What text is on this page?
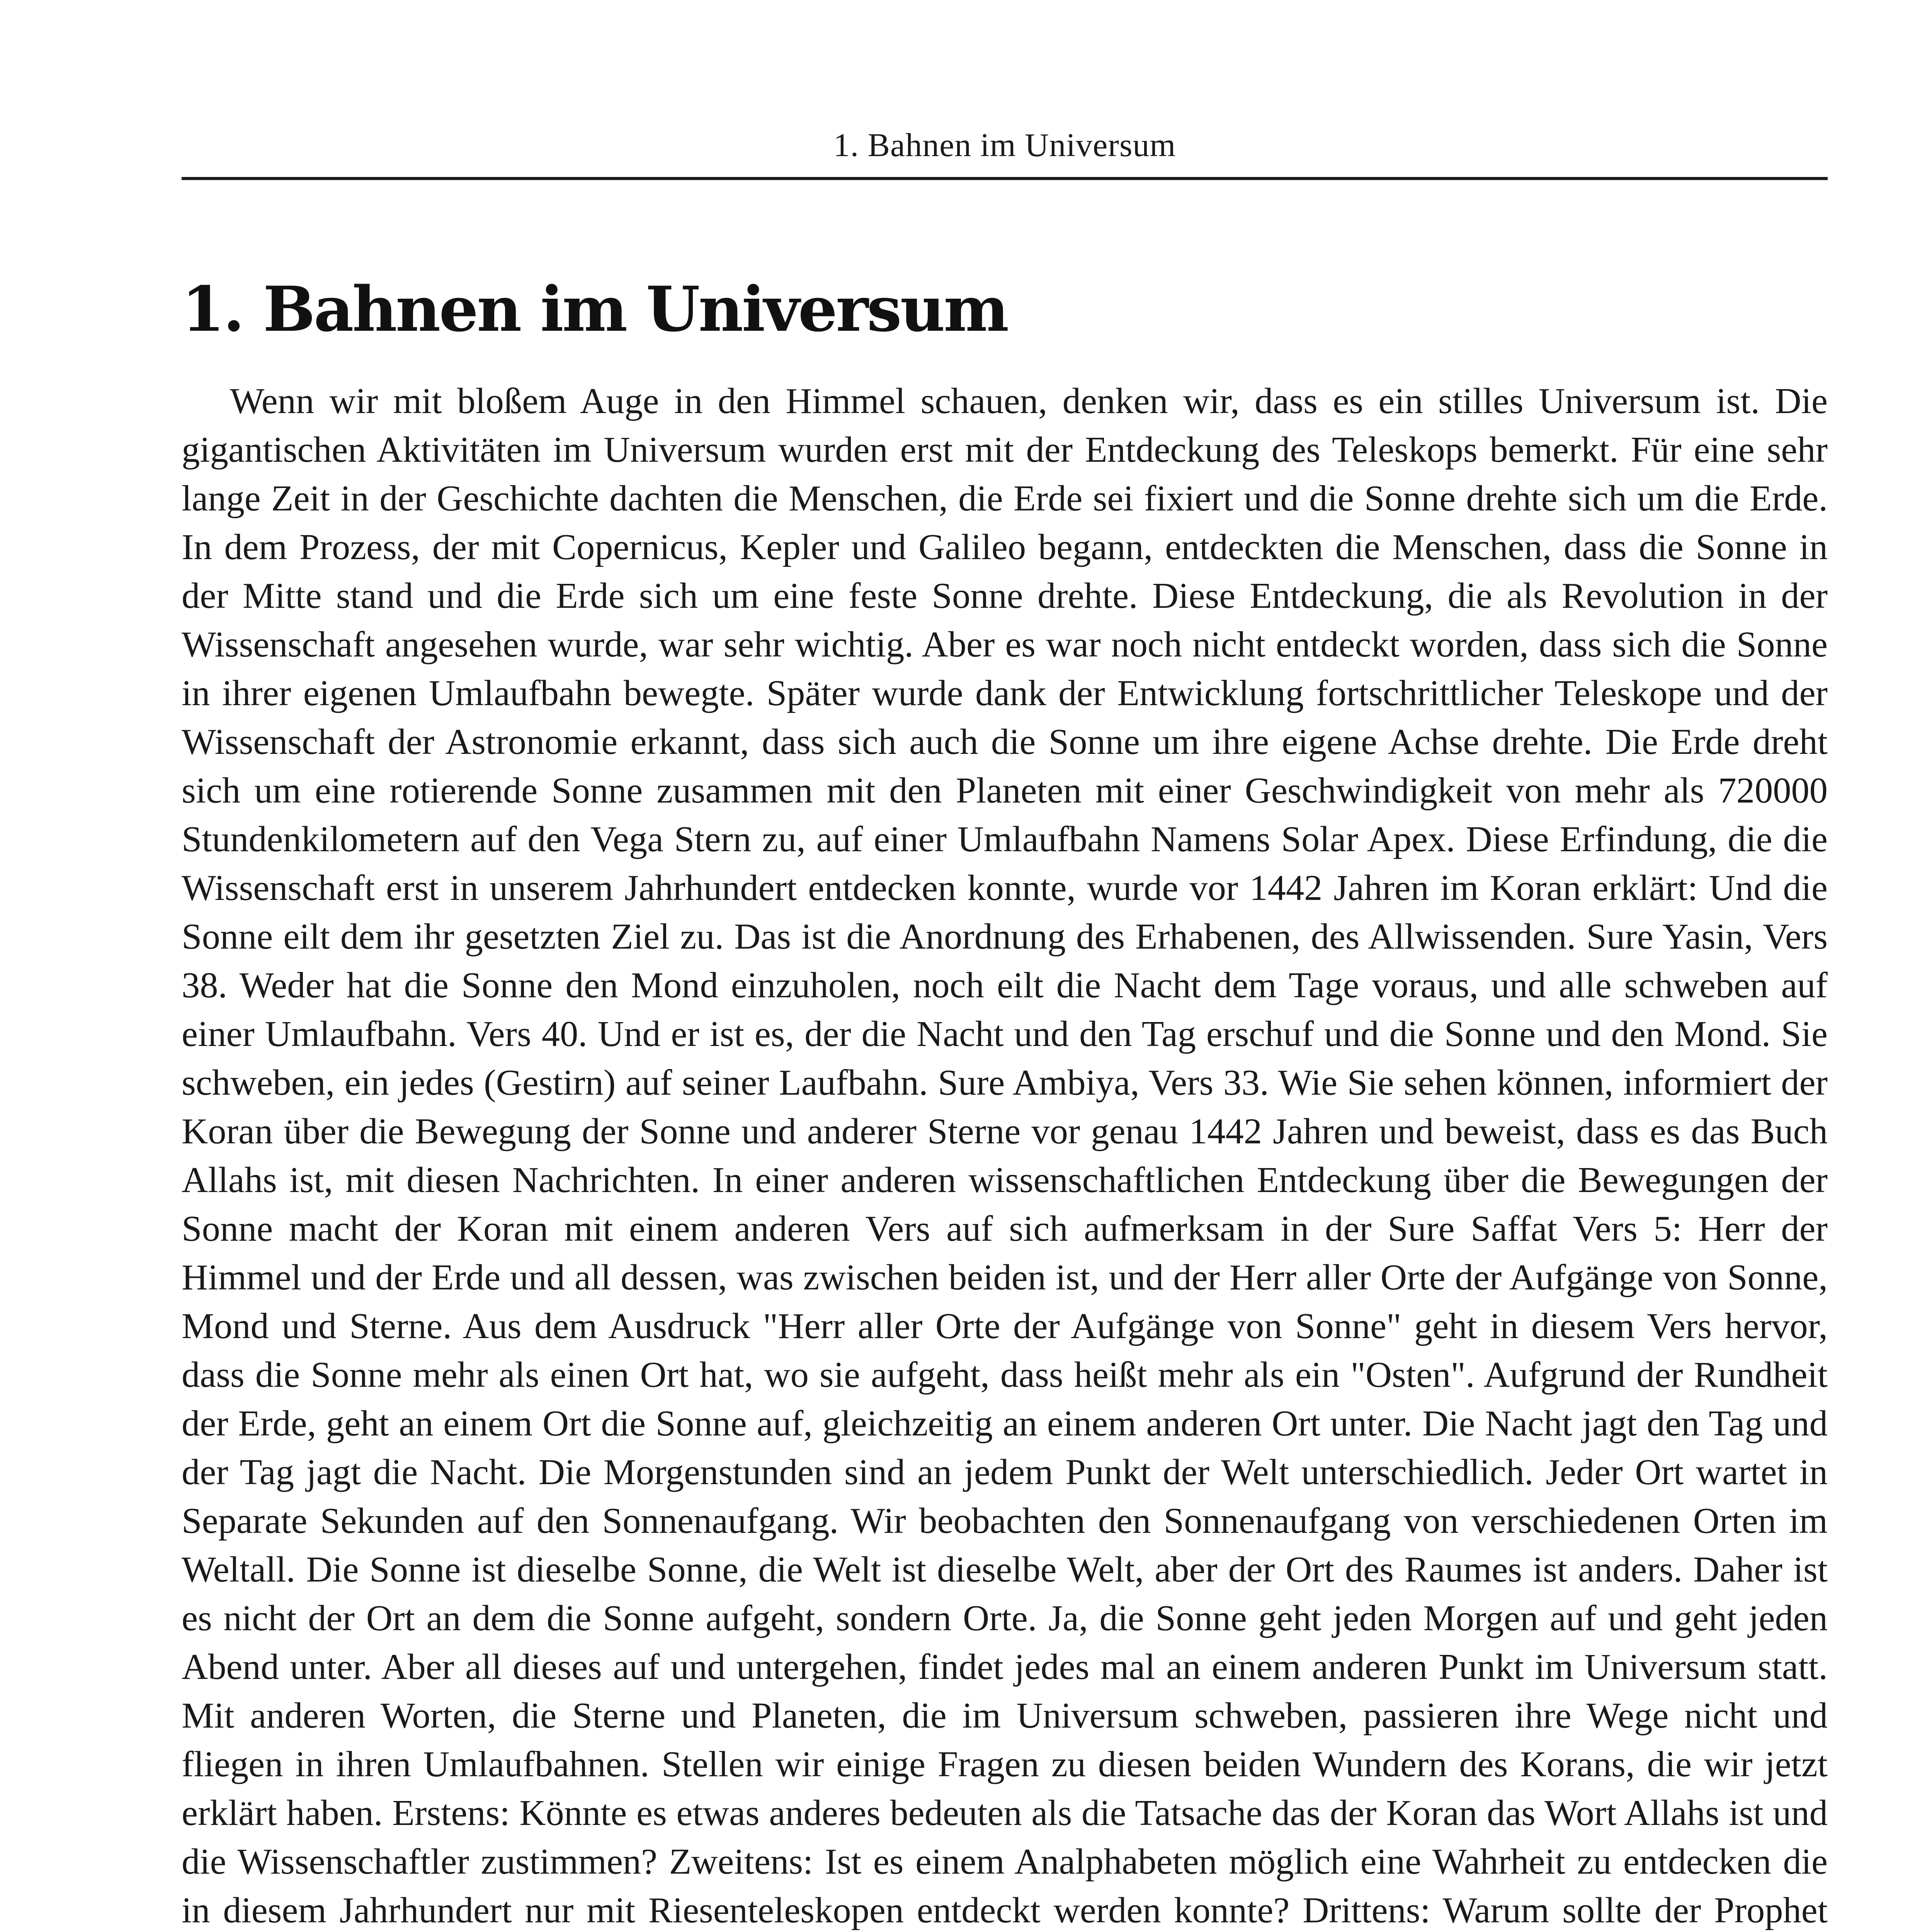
1. Bahnen im Universum
1. Bahnen im Universum

Wenn wir mit bloßem Auge in den Himmel schauen, denken wir, dass es ein stilles Universum ist. Die gigantischen Aktivitäten im Universum wurden erst mit der Entdeckung des Teleskops bemerkt. Für eine sehr lange Zeit in der Geschichte dachten die Menschen, die Erde sei fixiert und die Sonne drehte sich um die Erde. In dem Prozess, der mit Copernicus, Kepler und Galileo begann, entdeckten die Menschen, dass die Sonne in der Mitte stand und die Erde sich um eine feste Sonne drehte. Diese Entdeckung, die als Revolution in der Wissenschaft angesehen wurde, war sehr wichtig. Aber es war noch nicht entdeckt worden, dass sich die Sonne in ihrer eigenen Umlaufbahn bewegte. Später wurde dank der Entwicklung fortschrittlicher Teleskope und der Wissenschaft der Astronomie erkannt, dass sich auch die Sonne um ihre eigene Achse drehte. Die Erde dreht sich um eine rotierende Sonne zusammen mit den Planeten mit einer Geschwindigkeit von mehr als 720000 Stundenkilometern auf den Vega Stern zu, auf einer Umlaufbahn Namens Solar Apex. Diese Erfindung, die die Wissenschaft erst in unserem Jahrhundert entdecken konnte, wurde vor 1442 Jahren im Koran erklärt: Und die Sonne eilt dem ihr gesetzten Ziel zu. Das ist die Anordnung des Erhabenen, des Allwissenden. Sure Yasin, Vers 38. Weder hat die Sonne den Mond einzuholen, noch eilt die Nacht dem Tage voraus, und alle schweben auf einer Umlaufbahn. Vers 40. Und er ist es, der die Nacht und den Tag erschuf und die Sonne und den Mond. Sie schweben, ein jedes (Gestirn) auf seiner Laufbahn. Sure Ambiya, Vers 33. Wie Sie sehen können, informiert der Koran über die Bewegung der Sonne und anderer Sterne vor genau 1442 Jahren und beweist, dass es das Buch Allahs ist, mit diesen Nachrichten. In einer anderen wissenschaftlichen Entdeckung über die Bewegungen der Sonne macht der Koran mit einem anderen Vers auf sich aufmerksam in der Sure Saffat Vers 5: Herr der Himmel und der Erde und all dessen, was zwischen beiden ist, und der Herr aller Orte der Aufgänge von Sonne, Mond und Sterne. Aus dem Ausdruck "Herr aller Orte der Aufgänge von Sonne" geht in diesem Vers hervor, dass die Sonne mehr als einen Ort hat, wo sie aufgeht, dass heißt mehr als ein "Osten". Aufgrund der Rundheit der Erde, geht an einem Ort die Sonne auf, gleichzeitig an einem anderen Ort unter. Die Nacht jagt den Tag und der Tag jagt die Nacht. Die Morgenstunden sind an jedem Punkt der Welt unterschiedlich. Jeder Ort wartet in Separate Sekunden auf den Sonnenaufgang. Wir beobachten den Sonnenaufgang von verschiedenen Orten im Weltall. Die Sonne ist dieselbe Sonne, die Welt ist dieselbe Welt, aber der Ort des Raumes ist anders. Daher ist es nicht der Ort an dem die Sonne aufgeht, sondern Orte. Ja, die Sonne geht jeden Morgen auf und geht jeden Abend unter. Aber all dieses auf und untergehen, findet jedes mal an einem anderen Punkt im Universum statt. Mit anderen Worten, die Sterne und Planeten, die im Universum schweben, passieren ihre Wege nicht und fliegen in ihren Umlaufbahnen. Stellen wir einige Fragen zu diesen beiden Wundern des Korans, die wir jetzt erklärt haben. Erstens: Könnte es etwas anderes bedeuten als die Tatsache das der Koran das Wort Allahs ist und die Wissenschaftler zustimmen? Zweitens: Ist es einem Analphabeten möglich eine Wahrheit zu entdecken die in diesem Jahrhundert nur mit Riesenteleskopen entdeckt werden konnte? Drittens: Warum sollte der Prophet
